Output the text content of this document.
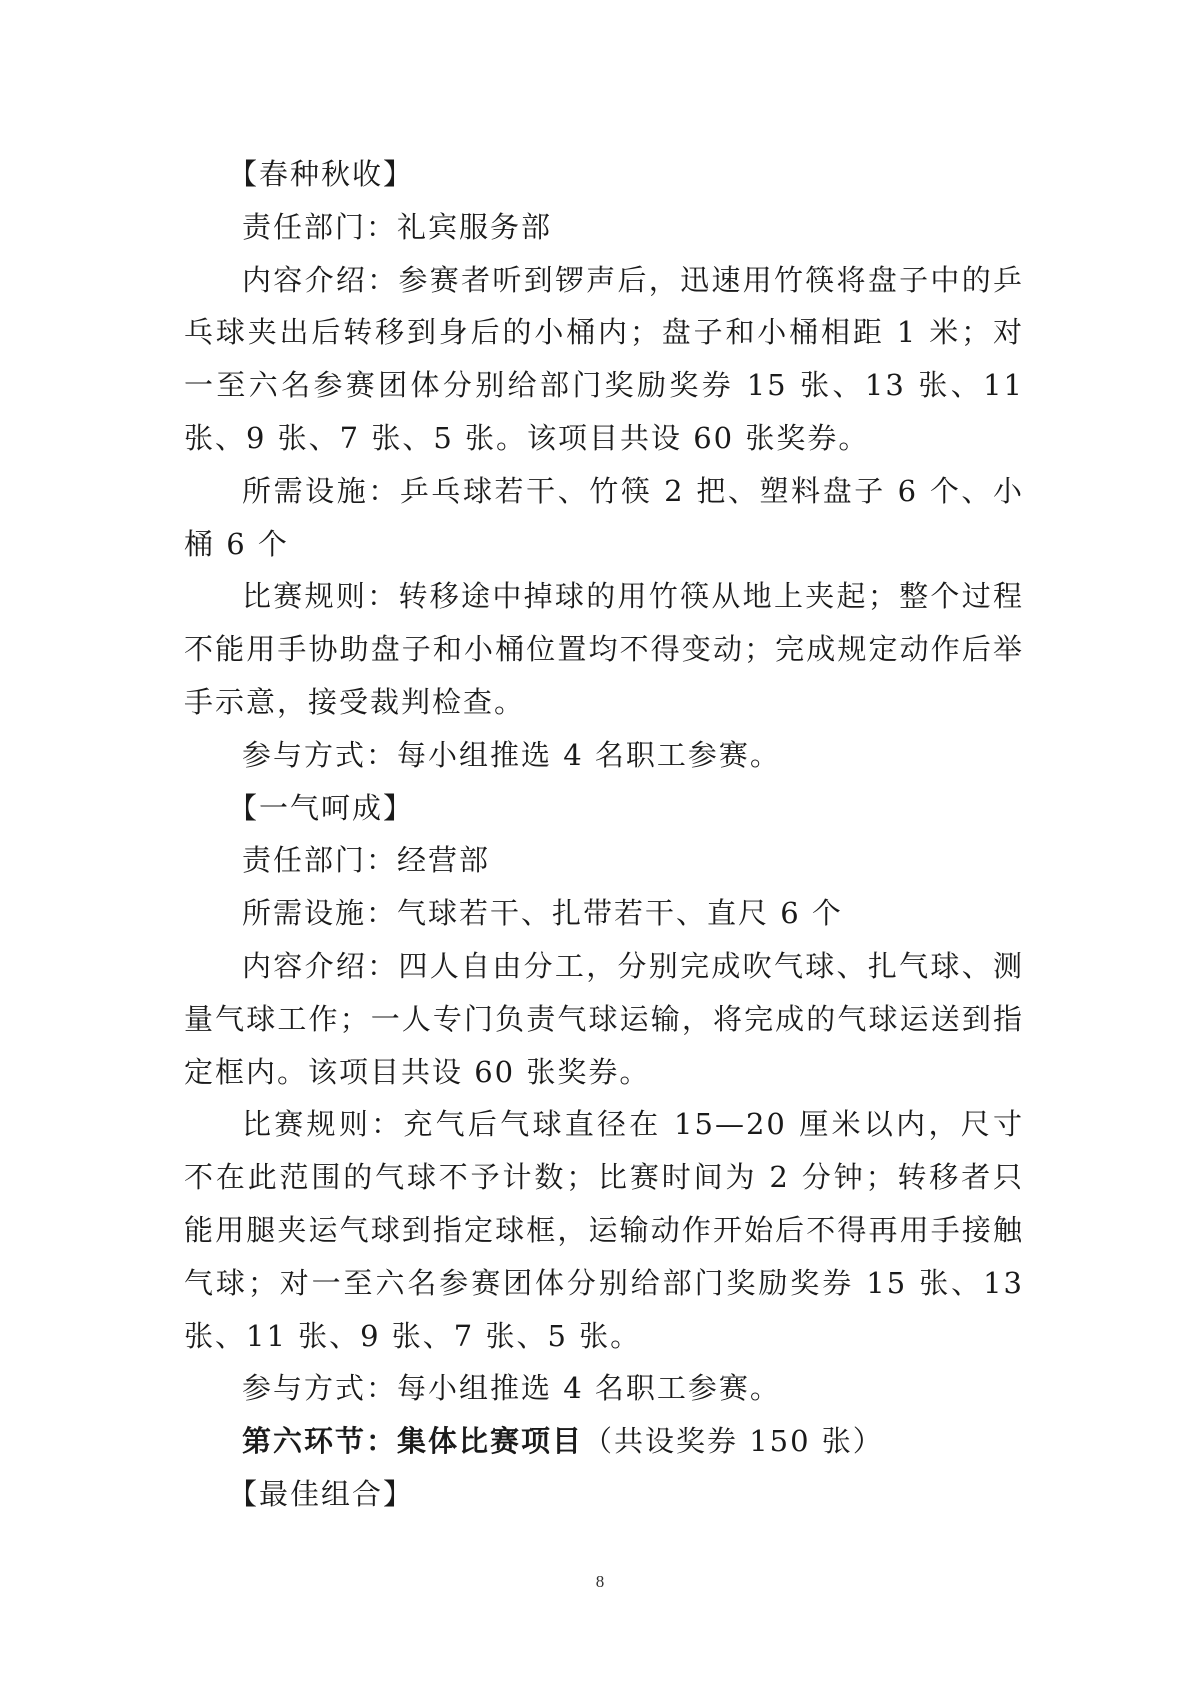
【春种秋收】

责任部门：礼宾服务部

内容介绍：参赛者听到锣声后，迅速用竹筷将盘子中的乒乓球夹出后转移到身后的小桶内；盘子和小桶相距 1 米；对一至六名参赛团体分别给部门奖励奖券 15 张、13 张、11 张、9 张、7 张、5 张。该项目共设 60 张奖券。

所需设施：乒乓球若干、竹筷 2 把、塑料盘子 6 个、小桶 6 个

比赛规则：转移途中掉球的用竹筷从地上夹起；整个过程不能用手协助盘子和小桶位置均不得变动；完成规定动作后举手示意，接受裁判检查。

参与方式：每小组推选 4 名职工参赛。

【一气呵成】

责任部门：经营部

所需设施：气球若干、扎带若干、直尺 6 个

内容介绍：四人自由分工，分别完成吹气球、扎气球、测量气球工作；一人专门负责气球运输，将完成的气球运送到指定框内。该项目共设 60 张奖券。

比赛规则：充气后气球直径在 15—20 厘米以内，尺寸不在此范围的气球不予计数；比赛时间为 2 分钟；转移者只能用腿夹运气球到指定球框，运输动作开始后不得再用手接触气球；对一至六名参赛团体分别给部门奖励奖券 15 张、13 张、11 张、9 张、7 张、5 张。

参与方式：每小组推选 4 名职工参赛。

第六环节：集体比赛项目（共设奖券 150 张）

【最佳组合】

8
